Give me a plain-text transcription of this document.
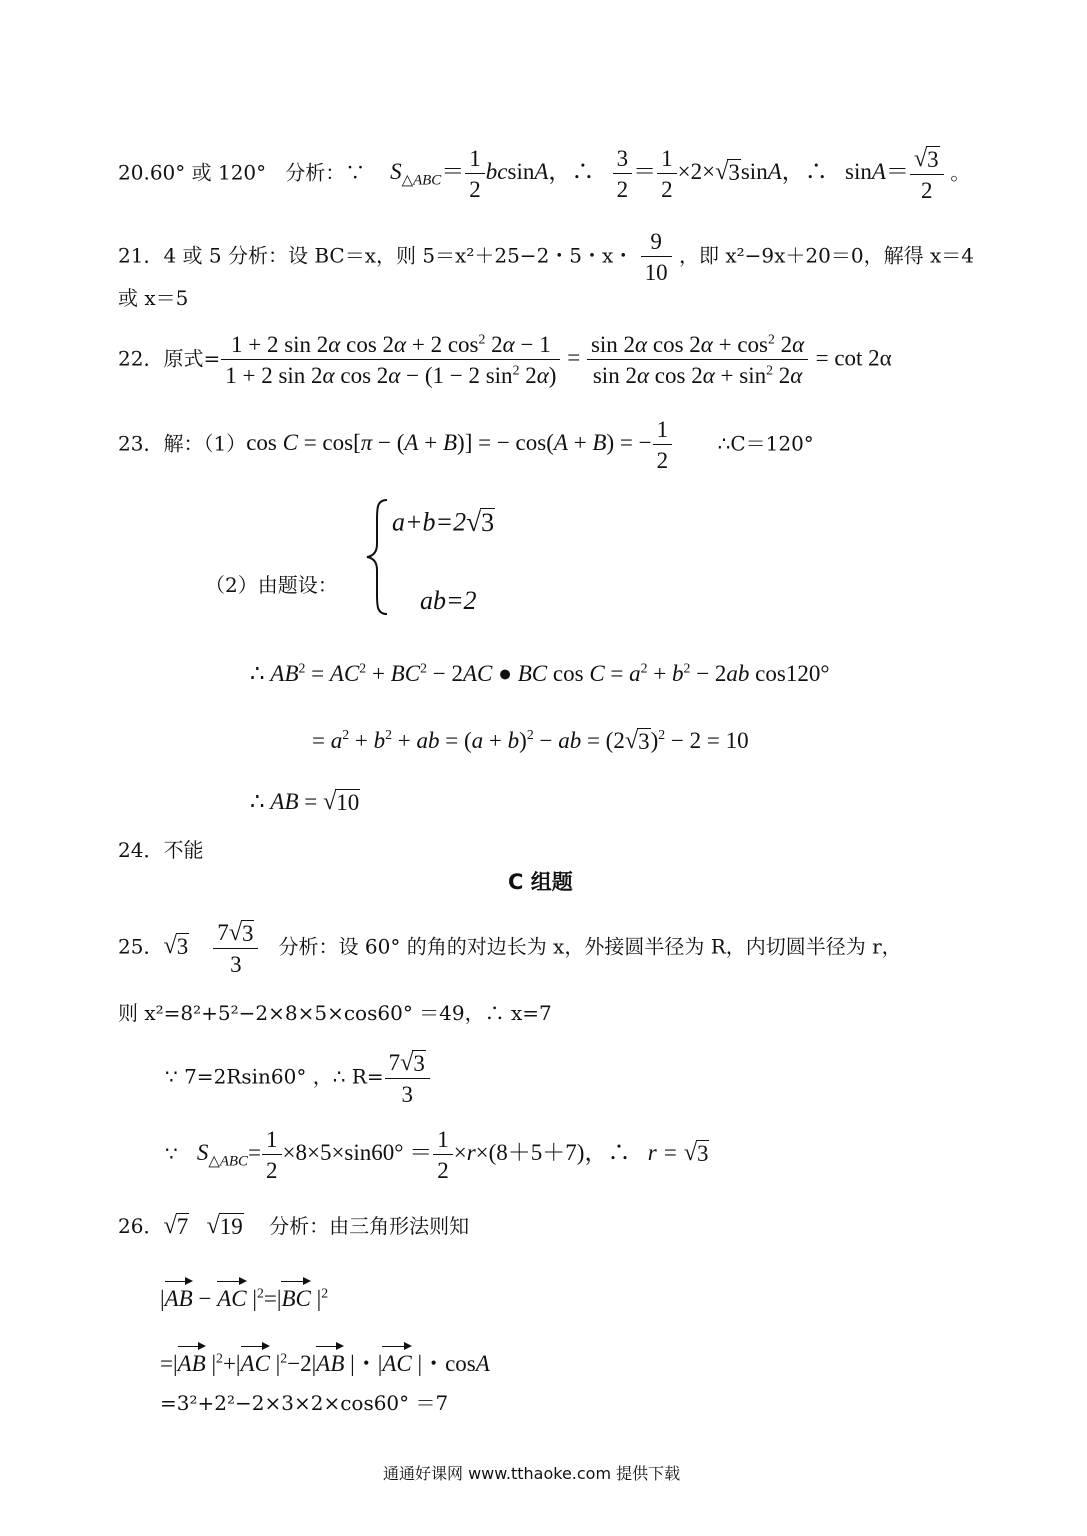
20.60° 或 120° 分析：∵ $S_{\triangle ABC}= \frac{1}{2}$ bcsinA，∴ $\frac{3}{2} = \frac{1}{2} \times 2\times$ √ 3 sinA，∴   $\sin A= \frac{√ 3}{2}$ 。
21．4 或 5 分析：设 BC＝x，则 5＝x²＋25−2・5・x・ $\frac{9}{10}$ ，即 x²−9x＋20＝0，解得 x＝4
或 x＝5
22．原式= $\frac{1 + 2 \sin 2\alpha \cos 2\alpha + 2 \cos^2 2\alpha - 1}{1 + 2 \sin 2\alpha \cos 2\alpha - (1 - 2 \sin^2 2\alpha)} = \frac{\sin 2\alpha \cos 2\alpha + \cos^2 2\alpha}{\sin 2\alpha \cos 2\alpha + \sin^2 2\alpha} = \cot 2\alpha$
23．解：（1）cos C = cos[π − (A + B)] = − cos(A + B) = − $\frac{1}{2}$ ∴C＝120°
a+b=2 √ 3
（2）由题设：
ab=2
∴ $AB^2 = AC^2 + BC^2 - 2AC$ ● BC $\cos C = a^2 + b^2 - 2ab$ cos120°
= $a^2 + b^2$ + ab = $(a + b)^2$ − ab = (2 √ 3 )$^2$ − 2 = 10
∴ AB = √ 10
24．不能
C 组题
25． √ 3
$\frac{7 √ 3}{3}$ 分析：设 60° 的角的对边长为 x，外接圆半径为 R，内切圆半径为 r，
则 x²=8²+5²−2×8×5×cos60° ＝49，∴ x=7
∵ 7=2Rsin60° ，∴ $R= \frac{7 √ 3}{3}$
∵ $S_{\triangle ABC}= \frac{1}{2} \times 8\times 5\times\sin 60^\circ = \frac{1}{2} \times r\times(8+5+7)$，∴   r = √ 3
26． √ 7
√ 19 分析：由三角形法则知
|AB − AC $|^2=|BC$ $|^2$
=|AB $|^2+|AC$ $|^2-2|AB$ |・|AC |・cosA
=3²+2²−2×3×2×cos60° ＝7
通通好课网 www.tthaoke.com 提供下载
